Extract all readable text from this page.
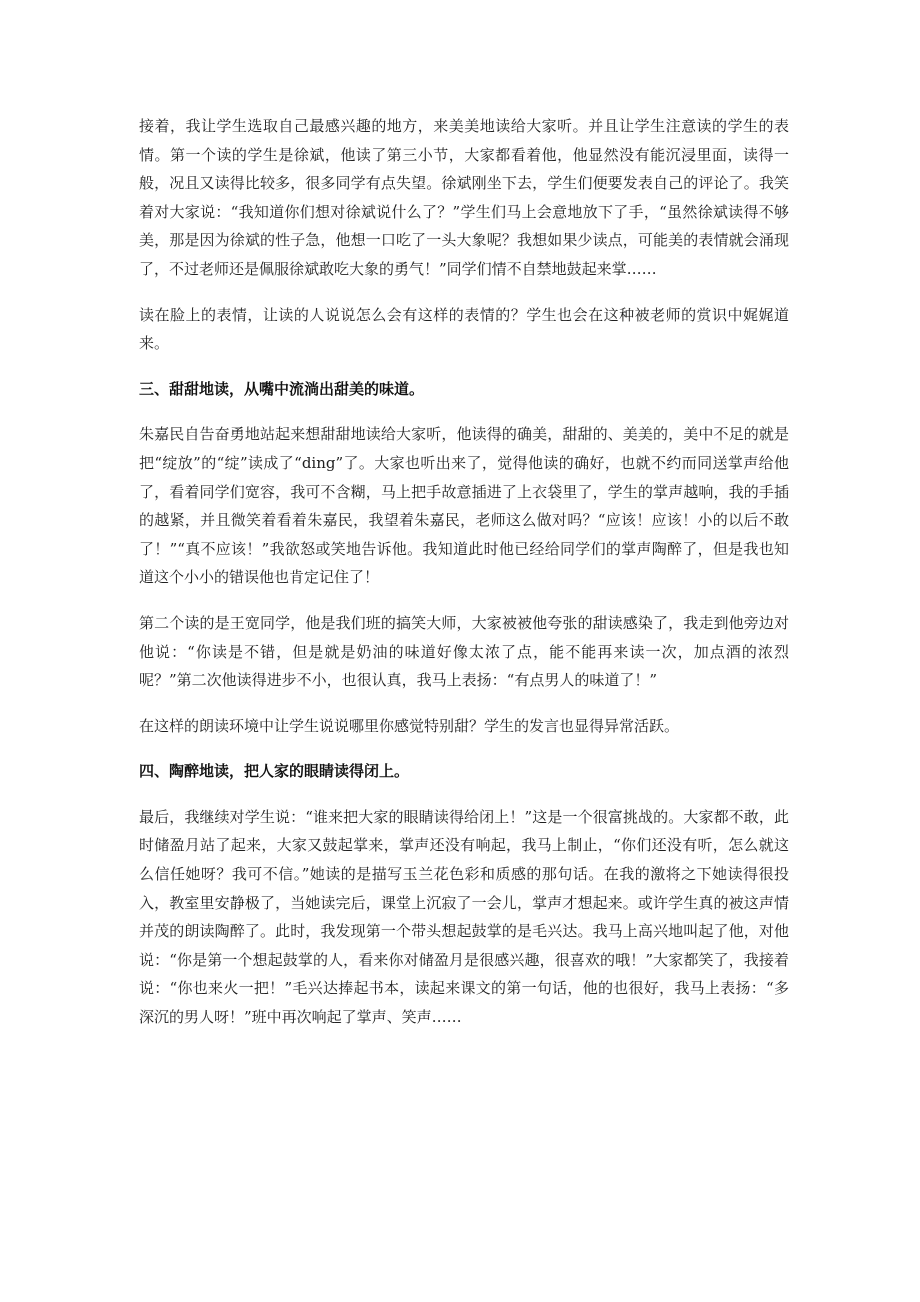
接着，我让学生选取自己最感兴趣的地方，来美美地读给大家听。并且让学生注意读的学生的表情。第一个读的学生是徐斌，他读了第三小节，大家都看着他，他显然没有能沉浸里面，读得一般，况且又读得比较多，很多同学有点失望。徐斌刚坐下去，学生们便要发表自己的评论了。我笑着对大家说：“我知道你们想对徐斌说什么了？”学生们马上会意地放下了手，“虽然徐斌读得不够美，那是因为徐斌的性子急，他想一口吃了一头大象呢？我想如果少读点，可能美的表情就会涌现了，不过老师还是佩服徐斌敢吃大象的勇气！”同学们情不自禁地鼓起来掌……

读在脸上的表情，让读的人说说怎么会有这样的表情的？学生也会在这种被老师的赏识中娓娓道来。

三、甜甜地读，从嘴中流淌出甜美的味道。

朱嘉民自告奋勇地站起来想甜甜地读给大家听，他读得的确美，甜甜的、美美的，美中不足的就是把“绽放”的“绽”读成了“ding”了。大家也听出来了，觉得他读的确好，也就不约而同送掌声给他了，看着同学们宽容，我可不含糊，马上把手故意插进了上衣袋里了，学生的掌声越响，我的手插的越紧，并且微笑着看着朱嘉民，我望着朱嘉民，老师这么做对吗？“应该！应该！小的以后不敢了！”“真不应该！”我欲怒或笑地告诉他。我知道此时他已经给同学们的掌声陶醉了，但是我也知道这个小小的错误他也肯定记住了！

第二个读的是王宽同学，他是我们班的搞笑大师，大家被被他夸张的甜读感染了，我走到他旁边对他说：“你读是不错，但是就是奶油的味道好像太浓了点，能不能再来读一次，加点酒的浓烈呢？”第二次他读得进步不小，也很认真，我马上表扬：“有点男人的味道了！”

在这样的朗读环境中让学生说说哪里你感觉特别甜？学生的发言也显得异常活跃。

四、陶醉地读，把人家的眼睛读得闭上。

最后，我继续对学生说：“谁来把大家的眼睛读得给闭上！”这是一个很富挑战的。大家都不敢，此时储盈月站了起来，大家又鼓起掌来，掌声还没有响起，我马上制止，“你们还没有听，怎么就这么信任她呀？我可不信。”她读的是描写玉兰花色彩和质感的那句话。在我的激将之下她读得很投入，教室里安静极了，当她读完后，课堂上沉寂了一会儿，掌声才想起来。或许学生真的被这声情并茂的朗读陶醉了。此时，我发现第一个带头想起鼓掌的是毛兴达。我马上高兴地叫起了他，对他说：“你是第一个想起鼓掌的人，看来你对储盈月是很感兴趣，很喜欢的哦！”大家都笑了，我接着说：“你也来火一把！”毛兴达捧起书本，读起来课文的第一句话，他的也很好，我马上表扬：“多深沉的男人呀！”班中再次响起了掌声、笑声……
